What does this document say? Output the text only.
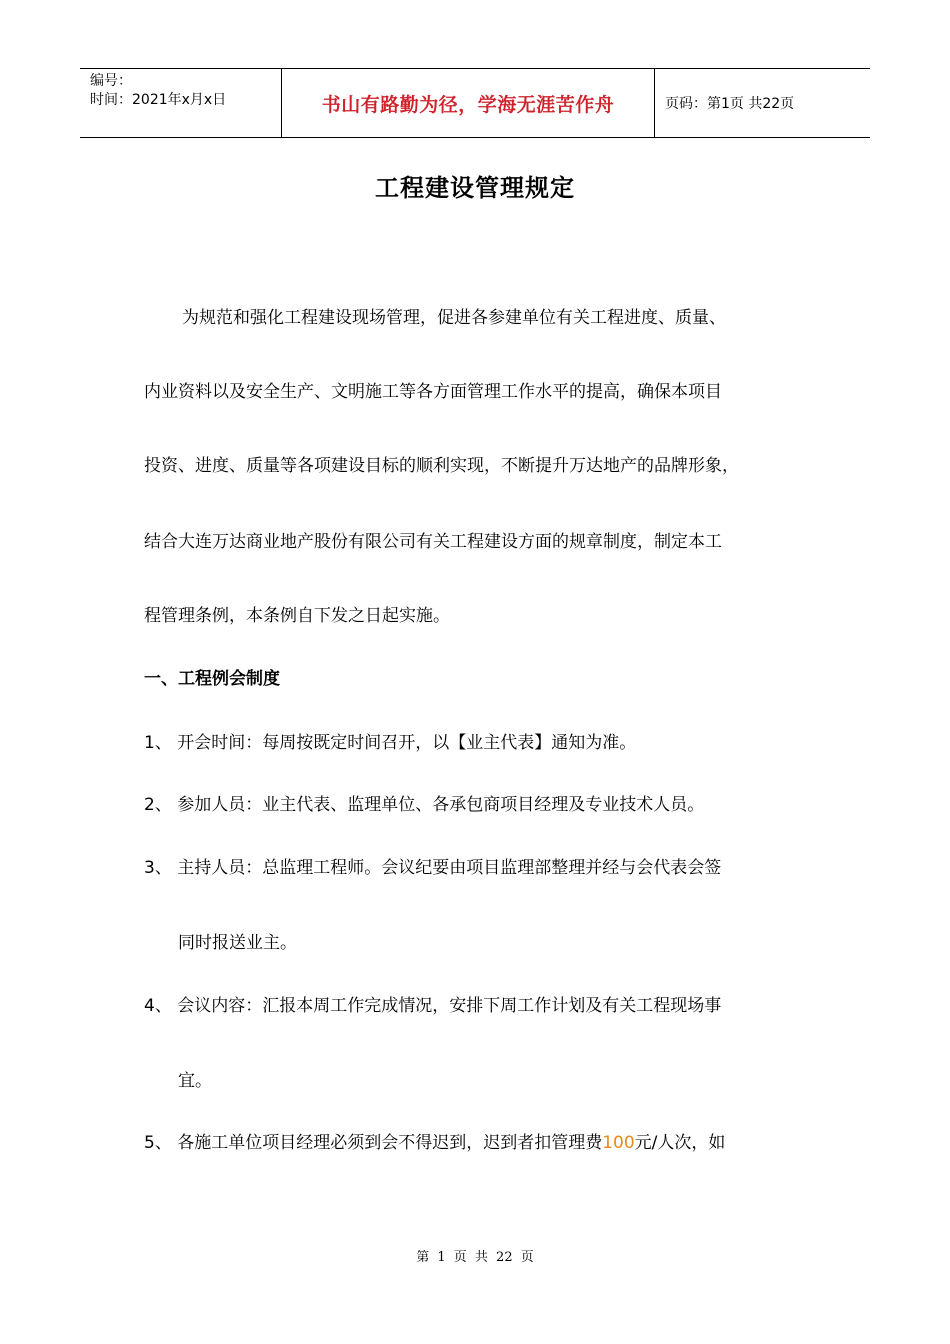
编号：
时间：2021年x月x日	书山有路勤为径，学海无涯苦作舟	页码：第1页 共22页
工程建设管理规定
为规范和强化工程建设现场管理，促进各参建单位有关工程进度、质量、
内业资料以及安全生产、文明施工等各方面管理工作水平的提高，确保本项目
投资、进度、质量等各项建设目标的顺利实现，不断提升万达地产的品牌形象，
结合大连万达商业地产股份有限公司有关工程建设方面的规章制度，制定本工
程管理条例，本条例自下发之日起实施。
一、工程例会制度
1、 开会时间：每周按既定时间召开，以【业主代表】通知为准。
2、 参加人员：业主代表、监理单位、各承包商项目经理及专业技术人员。
3、 主持人员：总监理工程师。会议纪要由项目监理部整理并经与会代表会签
同时报送业主。
4、 会议内容：汇报本周工作完成情况，安排下周工作计划及有关工程现场事
宜。
5、 各施工单位项目经理必须到会不得迟到，迟到者扣管理费100元/人次，如
第 1 页 共 22 页
